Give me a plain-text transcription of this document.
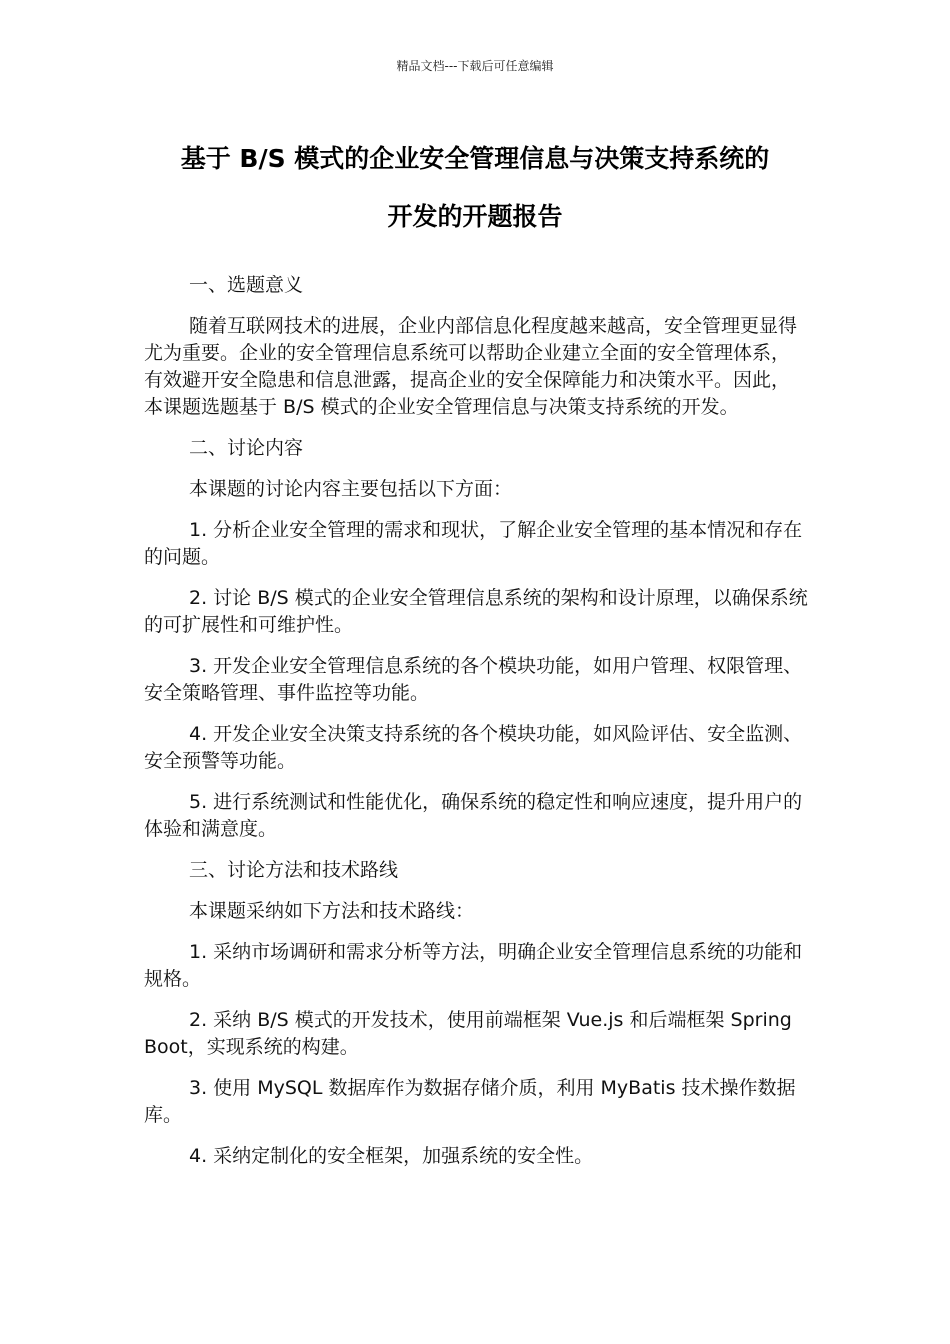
精品文档---下载后可任意编辑
基于 B/S 模式的企业安全管理信息与决策支持系统的
开发的开题报告

一、选题意义

随着互联网技术的进展，企业内部信息化程度越来越高，安全管理更显得尤为重要。企业的安全管理信息系统可以帮助企业建立全面的安全管理体系，有效避开安全隐患和信息泄露，提高企业的安全保障能力和决策水平。因此，本课题选题基于 B/S 模式的企业安全管理信息与决策支持系统的开发。

二、讨论内容

本课题的讨论内容主要包括以下方面：

1. 分析企业安全管理的需求和现状，了解企业安全管理的基本情况和存在的问题。

2. 讨论 B/S 模式的企业安全管理信息系统的架构和设计原理，以确保系统的可扩展性和可维护性。

3. 开发企业安全管理信息系统的各个模块功能，如用户管理、权限管理、安全策略管理、事件监控等功能。

4. 开发企业安全决策支持系统的各个模块功能，如风险评估、安全监测、安全预警等功能。

5. 进行系统测试和性能优化，确保系统的稳定性和响应速度，提升用户的体验和满意度。

三、讨论方法和技术路线

本课题采纳如下方法和技术路线：

1. 采纳市场调研和需求分析等方法，明确企业安全管理信息系统的功能和规格。

2. 采纳 B/S 模式的开发技术，使用前端框架 Vue.js 和后端框架 Spring Boot，实现系统的构建。

3. 使用 MySQL 数据库作为数据存储介质，利用 MyBatis 技术操作数据库。

4. 采纳定制化的安全框架，加强系统的安全性。
